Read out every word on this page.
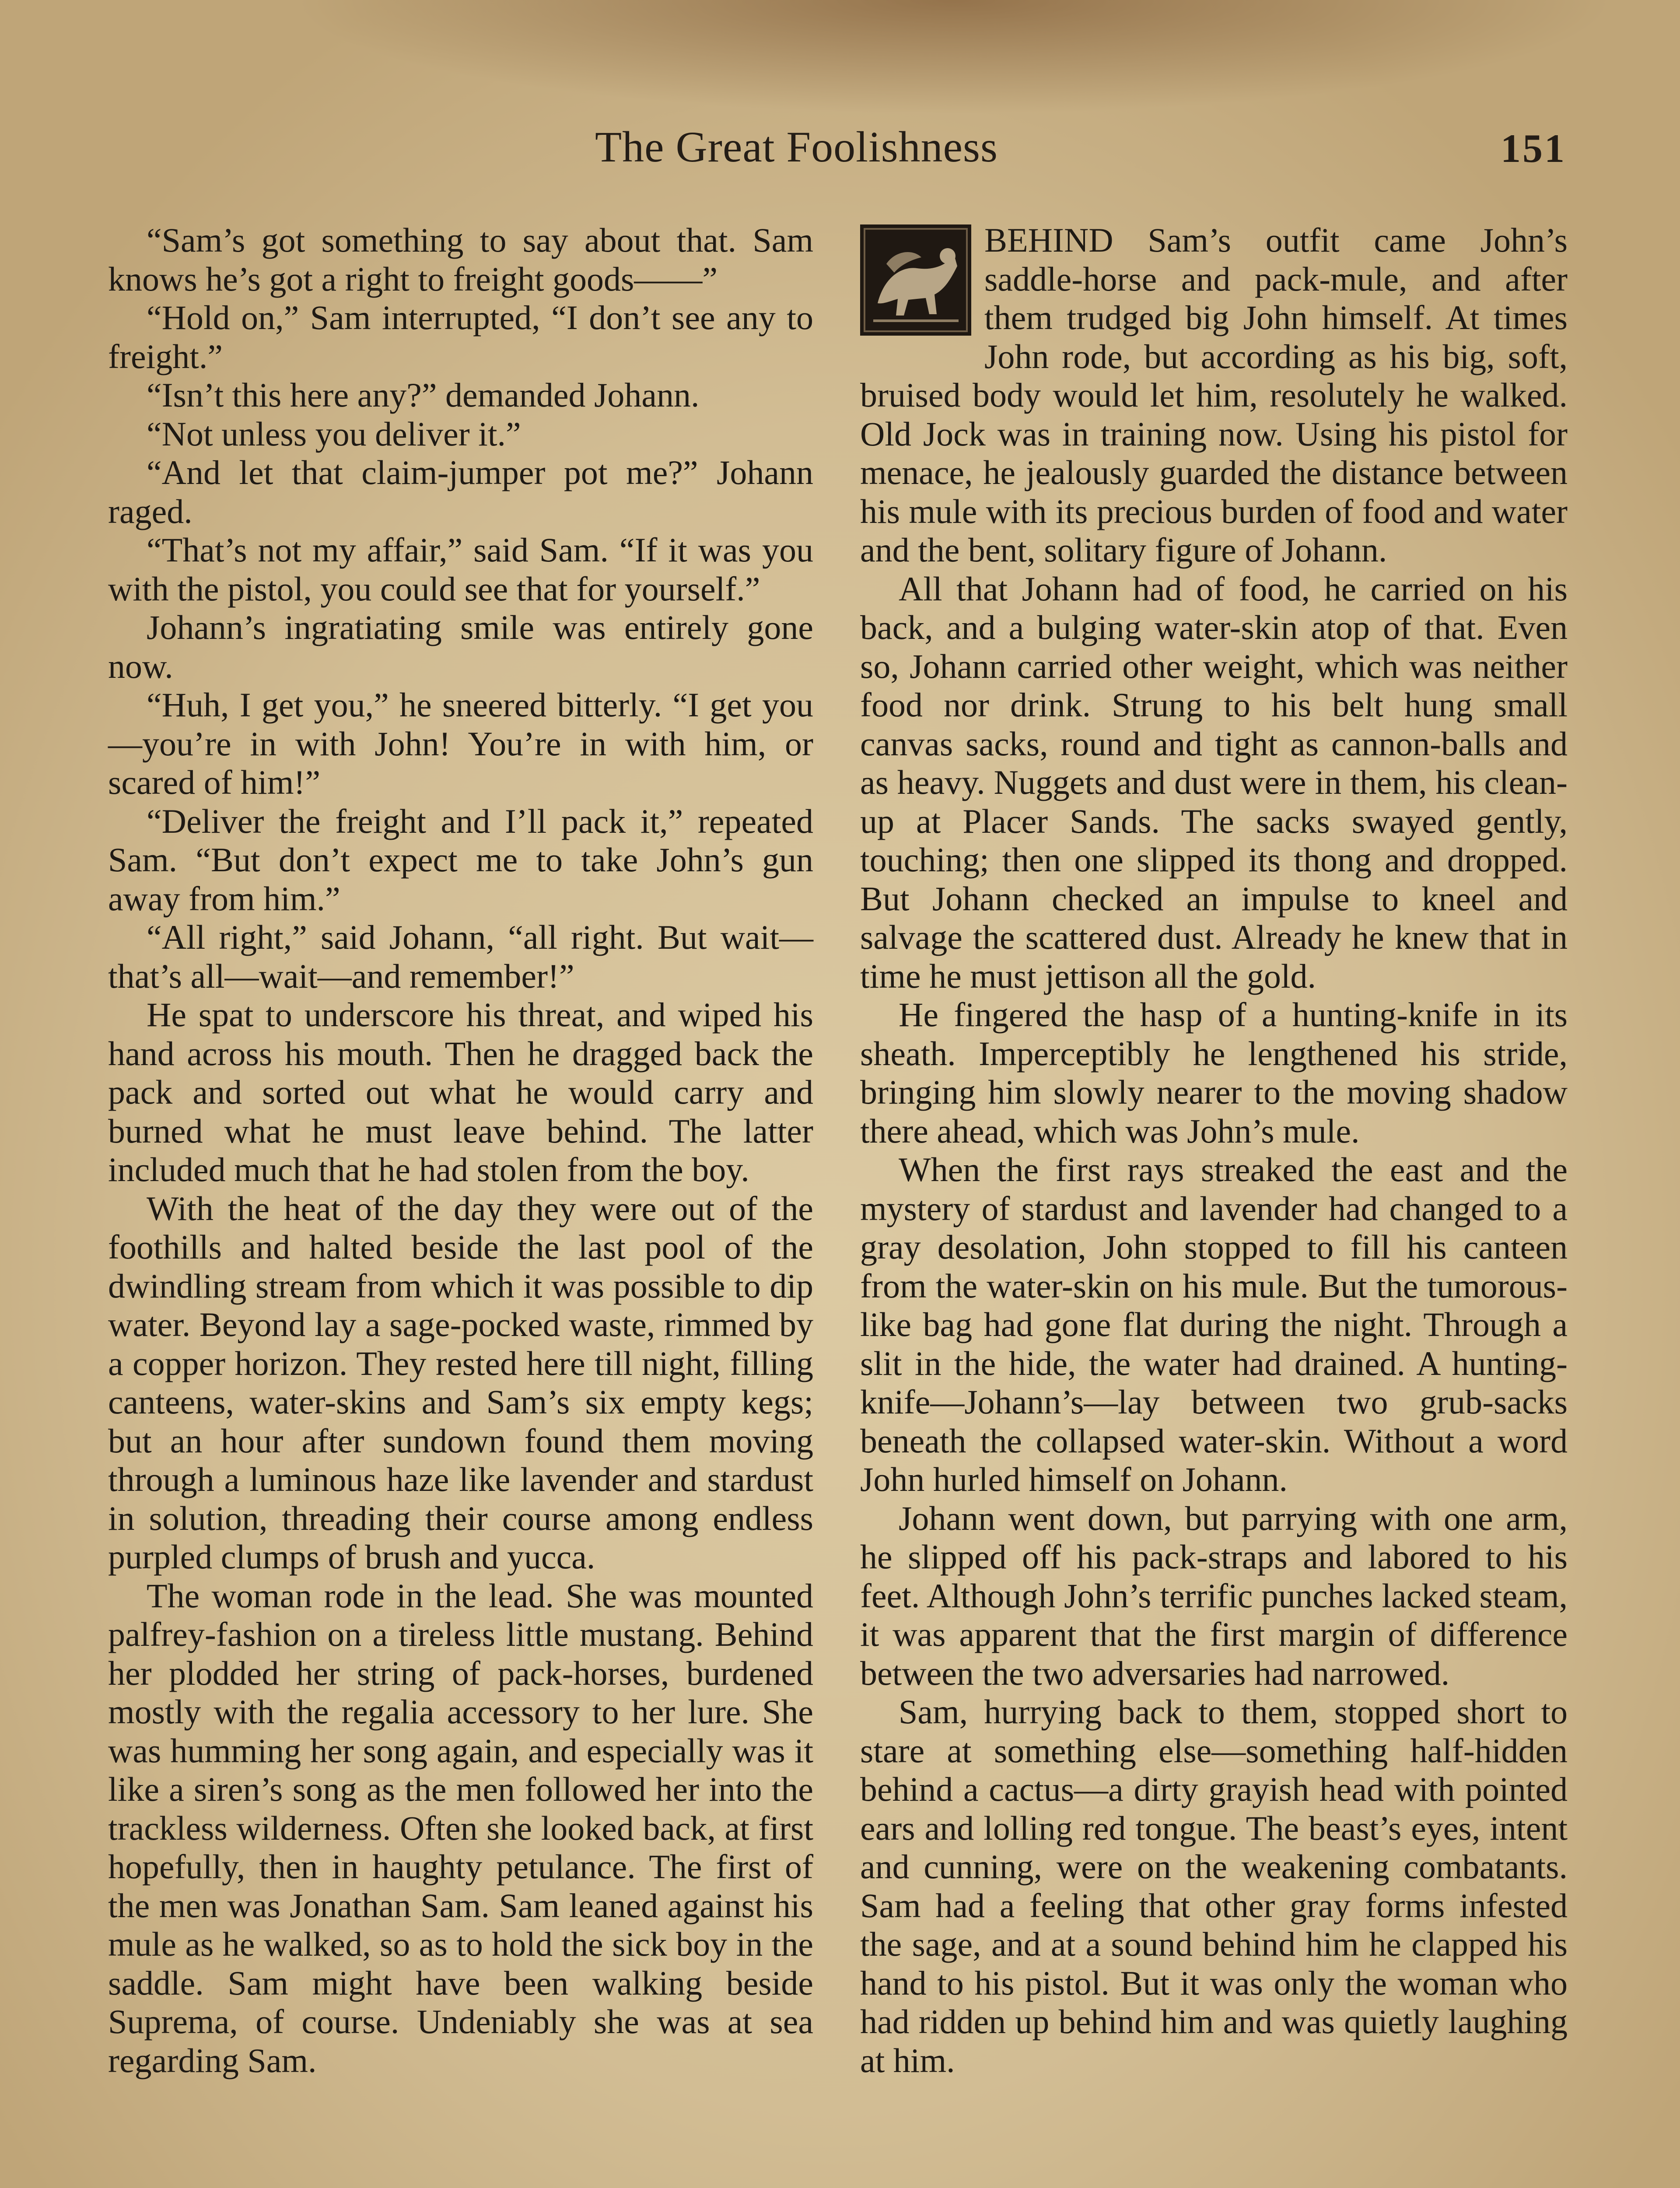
The Great Foolishness	151

“Sam’s got something to say about that. Sam knows he’s got a right to freight goods——”

“Hold on,” Sam interrupted, “I don’t see any to freight.”

“Isn’t this here any?” demanded Johann.

“Not unless you deliver it.”

“And let that claim-jumper pot me?” Johann raged.

“That’s not my affair,” said Sam. “If it was you with the pistol, you could see that for yourself.”

Johann’s ingratiating smile was entirely gone now.

“Huh, I get you,” he sneered bitterly. “I get you—you’re in with John! You’re in with him, or scared of him!”

“Deliver the freight and I’ll pack it,” repeated Sam. “But don’t expect me to take John’s gun away from him.”

“All right,” said Johann, “all right. But wait—that’s all—wait—and remember!”

He spat to underscore his threat, and wiped his hand across his mouth. Then he dragged back the pack and sorted out what he would carry and burned what he must leave behind. The latter included much that he had stolen from the boy.

With the heat of the day they were out of the foothills and halted beside the last pool of the dwindling stream from which it was possible to dip water. Beyond lay a sage-pocked waste, rimmed by a copper horizon. They rested here till night, filling canteens, water-skins and Sam’s six empty kegs; but an hour after sundown found them moving through a luminous haze like lavender and stardust in solution, threading their course among endless purpled clumps of brush and yucca.

The woman rode in the lead. She was mounted palfrey-fashion on a tireless little mustang. Behind her plodded her string of pack-horses, burdened mostly with the regalia accessory to her lure. She was humming her song again, and especially was it like a siren’s song as the men followed her into the trackless wilderness. Often she looked back, at first hopefully, then in haughty petulance. The first of the men was Jonathan Sam. Sam leaned against his mule as he walked, so as to hold the sick boy in the saddle. Sam might have been walking beside Suprema, of course. Undeniably she was at sea regarding Sam.

BEHIND Sam’s outfit came John’s saddle-horse and pack-mule, and after them trudged big John himself. At times John rode, but according as his big, soft, bruised body would let him, resolutely he walked. Old Jock was in training now. Using his pistol for menace, he jealously guarded the distance between his mule with its precious burden of food and water and the bent, solitary figure of Johann.

All that Johann had of food, he carried on his back, and a bulging water-skin atop of that. Even so, Johann carried other weight, which was neither food nor drink. Strung to his belt hung small canvas sacks, round and tight as cannon-balls and as heavy. Nuggets and dust were in them, his clean-up at Placer Sands. The sacks swayed gently, touching; then one slipped its thong and dropped. But Johann checked an impulse to kneel and salvage the scattered dust. Already he knew that in time he must jettison all the gold.

He fingered the hasp of a hunting-knife in its sheath. Imperceptibly he lengthened his stride, bringing him slowly nearer to the moving shadow there ahead, which was John’s mule.

When the first rays streaked the east and the mystery of stardust and lavender had changed to a gray desolation, John stopped to fill his canteen from the water-skin on his mule. But the tumorous-like bag had gone flat during the night. Through a slit in the hide, the water had drained. A hunting-knife—Johann’s—lay between two grub-sacks beneath the collapsed water-skin. Without a word John hurled himself on Johann.

Johann went down, but parrying with one arm, he slipped off his pack-straps and labored to his feet. Although John’s terrific punches lacked steam, it was apparent that the first margin of difference between the two adversaries had narrowed.

Sam, hurrying back to them, stopped short to stare at something else—something half-hidden behind a cactus—a dirty grayish head with pointed ears and lolling red tongue. The beast’s eyes, intent and cunning, were on the weakening combatants. Sam had a feeling that other gray forms infested the sage, and at a sound behind him he clapped his hand to his pistol. But it was only the woman who had ridden up behind him and was quietly laughing at him.
